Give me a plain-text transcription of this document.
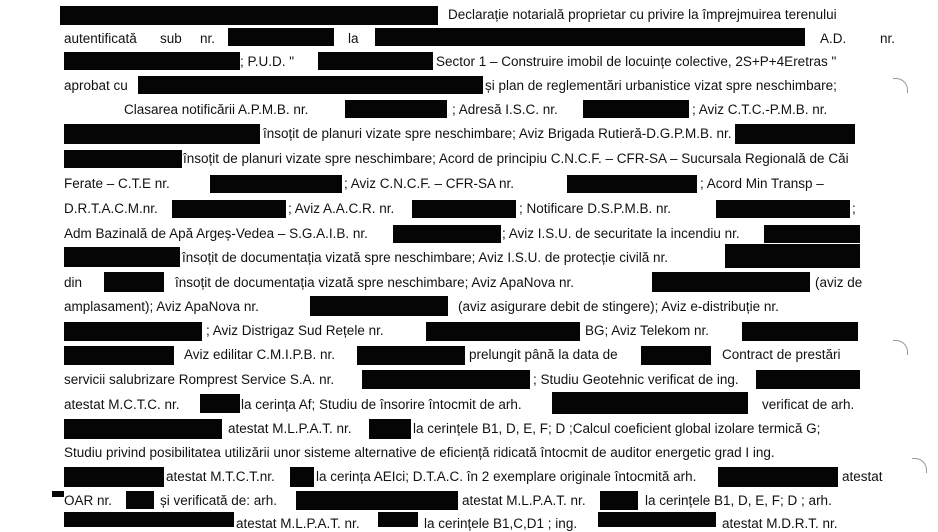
Declarație notarială proprietar cu privire la împrejmuirea terenului
autentificată sub nr.	la	A.D. nr.
; P.U.D. "	Sector 1 – Construire imobil de locuințe colective, 2S+P+4Eretras "
aprobat cu	și plan de reglementări urbanistice vizat spre neschimbare;
Clasarea notificării A.P.M.B. nr.	; Adresă I.S.C. nr.	; Aviz C.T.C.-P.M.B. nr.
însoțit de planuri vizate spre neschimbare; Aviz Brigada Rutieră-D.G.P.M.B. nr.
însoțit de planuri vizate spre neschimbare; Acord de principiu C.N.C.F. – CFR-SA – Sucursala Regională de Căi
Ferate – C.T.E nr.	; Aviz C.N.C.F. – CFR-SA nr.	; Acord Min Transp –
D.R.T.A.C.M.nr.	; Aviz A.A.C.R. nr.	; Notificare D.S.P.M.B. nr.	;
Adm Bazinală de Apă Argeș-Vedea – S.G.A.I.B. nr.	; Aviz I.S.U. de securitate la incendiu nr.
însoțit de documentația vizată spre neschimbare; Aviz I.S.U. de protecție civilă nr.
din	însoțit de documentația vizată spre neschimbare; Aviz ApaNova nr.	(aviz de
amplasament); Aviz ApaNova nr.	(aviz asigurare debit de stingere); Aviz e-distribuție nr.
; Aviz Distrigaz Sud Rețele nr.	BG; Aviz Telekom nr.
Aviz edilitar C.M.I.P.B. nr.	prelungit până la data de	Contract de prestări
servicii salubrizare Romprest Service S.A. nr.	; Studiu Geotehnic verificat de ing.
atestat M.C.T.C. nr.	la cerința Af; Studiu de însorire întocmit de arh.	verificat de arh.
atestat M.L.P.A.T. nr.	la cerințele B1, D, E, F; D ;Calcul coeficient global izolare termică G;
Studiu privind posibilitatea utilizării unor sisteme alternative de eficiență ridicată întocmit de auditor energetic grad I ing.
atestat M.T.C.T.nr.	la cerința AEIci; D.T.A.C. în 2 exemplare originale întocmită arh.	atestat
OAR nr.	și verificată de: arh.	atestat M.L.P.A.T. nr.	la cerințele B1, D, E, F; D ; arh.
atestat M.L.P.A.T. nr.	la cerințele B1,C,D1 ; ing.	atestat M.D.R.T. nr.
